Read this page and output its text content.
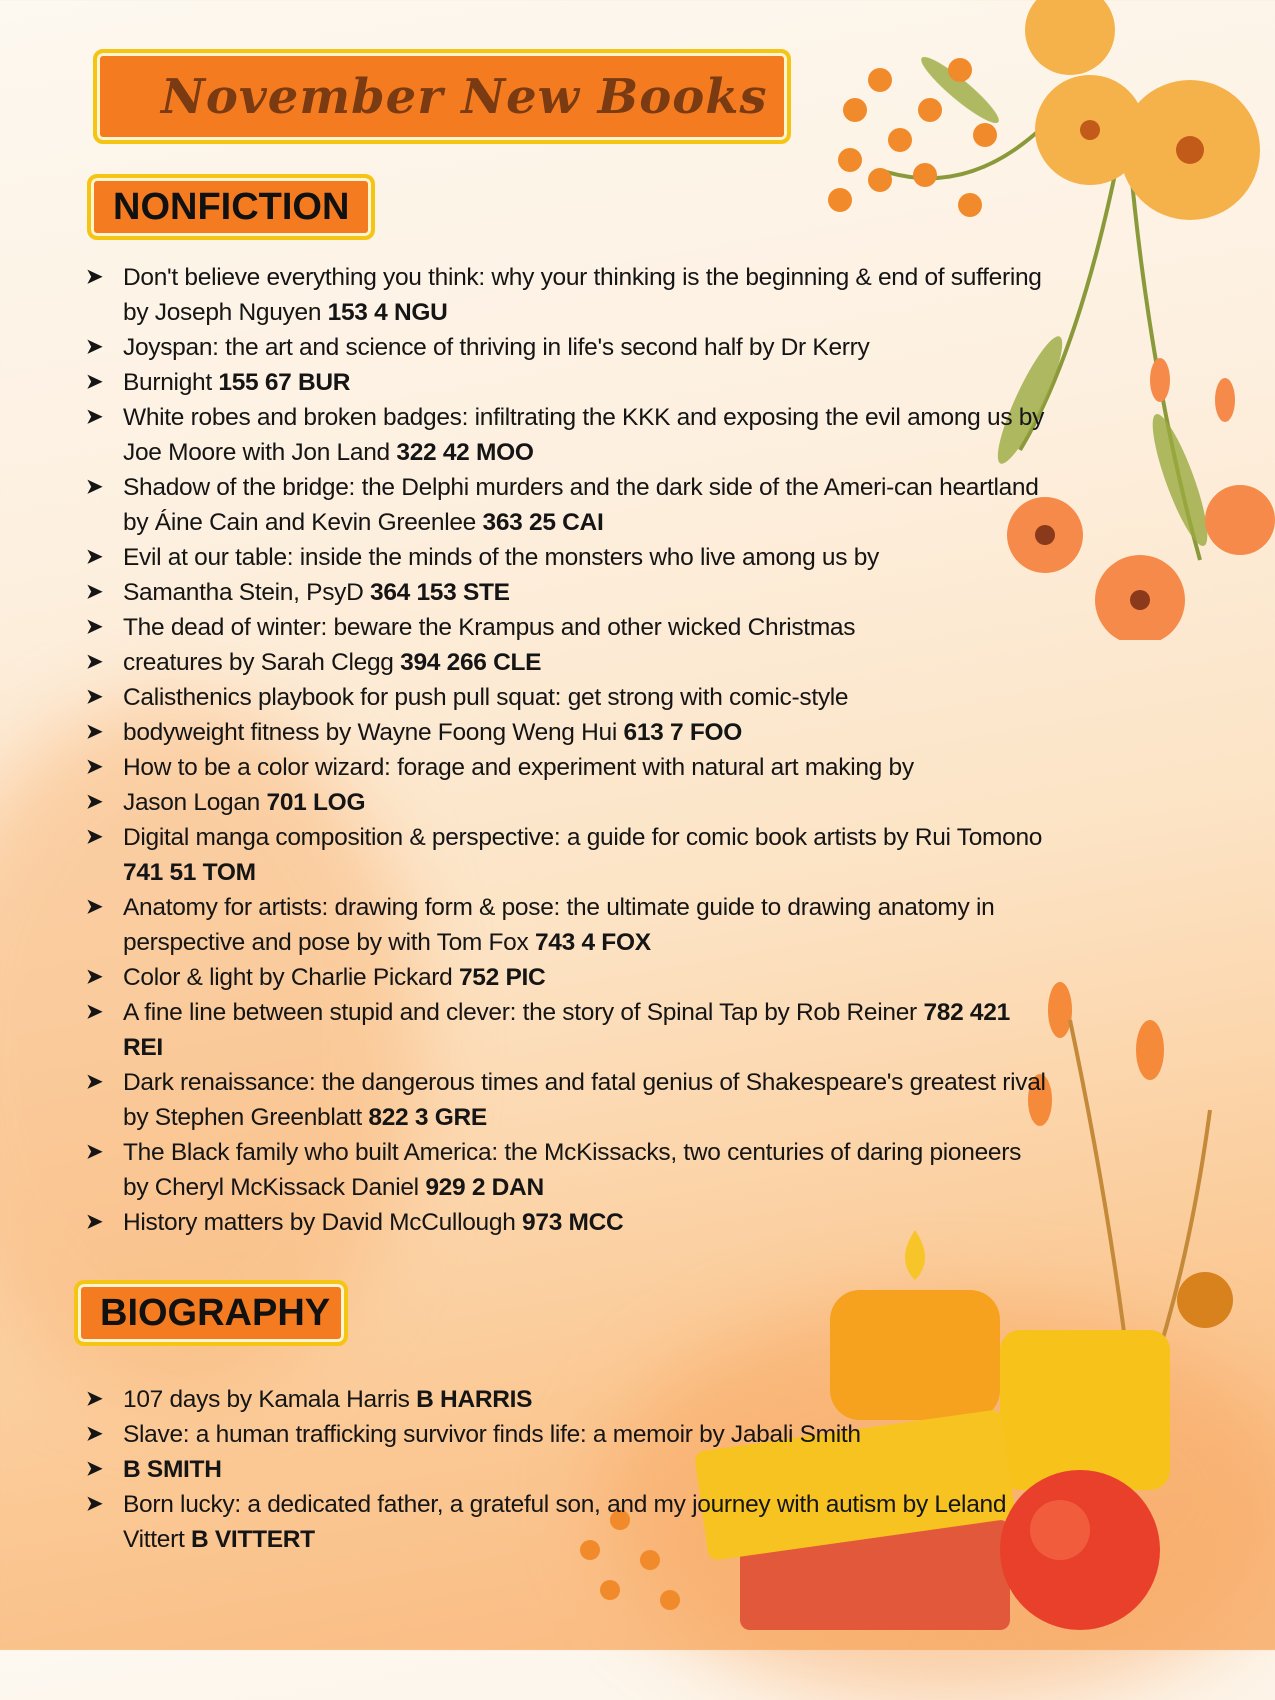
November New Books
NONFICTION
➤ Don't believe everything you think: why your thinking is the beginning & end of suffering by Joseph Nguyen 153 4 NGU
➤ Joyspan: the art and science of thriving in life's second half by Dr Kerry
➤ Burnight 155 67 BUR
➤ White robes and broken badges: infiltrating the KKK and exposing the evil among us by Joe Moore with Jon Land 322 42 MOO
➤ Shadow of the bridge: the Delphi murders and the dark side of the Ameri-can heartland by Áine Cain and Kevin Greenlee 363 25 CAI
➤ Evil at our table: inside the minds of the monsters who live among us by
➤ Samantha Stein, PsyD 364 153 STE
➤ The dead of winter: beware the Krampus and other wicked Christmas
➤ creatures by Sarah Clegg 394 266 CLE
➤ Calisthenics playbook for push pull squat: get strong with comic-style
➤ bodyweight fitness by Wayne Foong Weng Hui 613 7 FOO
➤ How to be a color wizard: forage and experiment with natural art making by
➤ Jason Logan 701 LOG
➤ Digital manga composition & perspective: a guide for comic book artists by Rui Tomono 741 51 TOM
➤ Anatomy for artists: drawing form & pose: the ultimate guide to drawing anatomy in perspective and pose by with Tom Fox 743 4 FOX
➤ Color & light by Charlie Pickard 752 PIC
➤ A fine line between stupid and clever: the story of Spinal Tap by Rob Reiner 782 421 REI
➤ Dark renaissance: the dangerous times and fatal genius of Shakespeare's greatest rival by Stephen Greenblatt 822 3 GRE
➤ The Black family who built America: the McKissacks, two centuries of daring pioneers by Cheryl McKissack Daniel 929 2 DAN
➤ History matters by David McCullough 973 MCC
BIOGRAPHY
➤ 107 days by Kamala Harris B HARRIS
➤ Slave: a human trafficking survivor finds life: a memoir by Jabali Smith
➤ B SMITH
➤ Born lucky: a dedicated father, a grateful son, and my journey with autism by Leland Vittert B VITTERT
